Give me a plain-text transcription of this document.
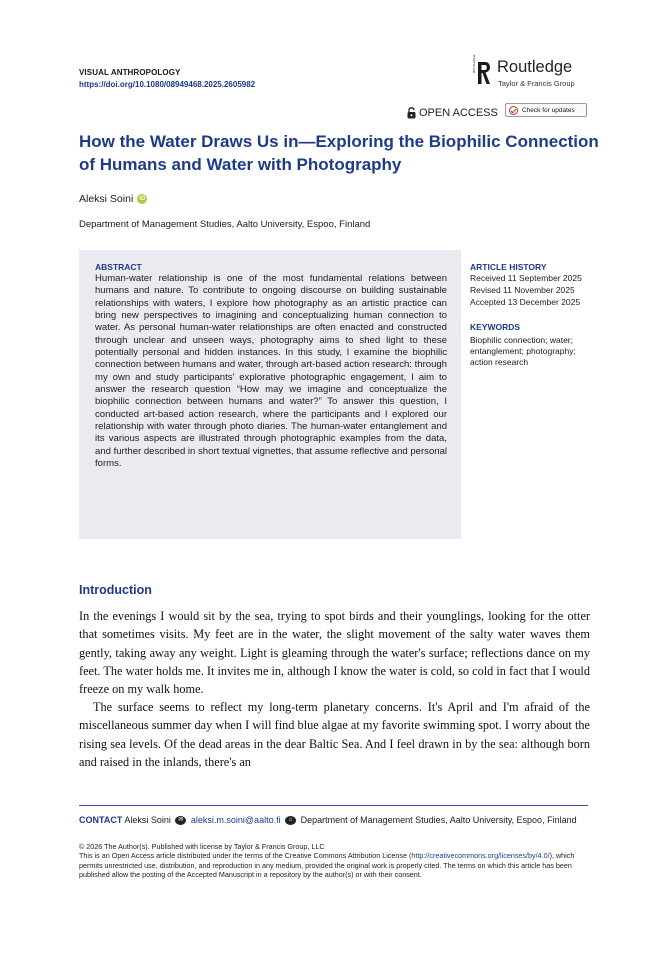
VISUAL ANTHROPOLOGY
https://doi.org/10.1080/08949468.2025.2605982
ROUTLEDGE Routledge
Taylor & Francis Group
OPEN ACCESS	Check for updates
How the Water Draws Us in—Exploring the Biophilic Connection of Humans and Water with Photography
Aleksi Soini	iD
Department of Management Studies, Aalto University, Espoo, Finland
ABSTRACT
Human-water relationship is one of the most fundamental relations between humans and nature. To contribute to ongoing discourse on building sustainable relationships with waters, I explore how photography as an artistic practice can bring new perspectives to imagining and conceptualizing human connection to water. As personal human-water relationships are often enacted and constructed through unclear and unseen ways, photography aims to shed light to these potentially personal and hidden instances. In this study, I examine the biophilic connection between humans and water, through art-based action research: through my own and study participants' explorative photographic engagement, I aim to answer the research question “How may we imagine and conceptualize the biophilic connection between humans and water?” To answer this question, I conducted art-based action research, where the participants and I explored our relationship with water through photo diaries. The human-water entanglement and its various aspects are illustrated through photographic examples from the data, and further described in short textual vignettes, that assume reflective and personal forms.
ARTICLE HISTORY
Received 11 September 2025
Revised 11 November 2025
Accepted 13 December 2025
KEYWORDS
Biophilic connection; water; entanglement; photography; action research
Introduction
In the evenings I would sit by the sea, trying to spot birds and their younglings, looking for the otter that sometimes visits. My feet are in the water, the slight movement of the salty water waves them gently, taking away any weight. Light is gleaming through the water's surface; reflections dance on my feet. The water holds me. It invites me in, although I know the water is cold, so cold in fact that I would freeze on my walk home.
The surface seems to reflect my long-term planetary concerns. It's April and I'm afraid of the miscellaneous summer day when I will find blue algae at my favorite swimming spot. I worry about the rising sea levels. Of the dead areas in the dear Baltic Sea. And I feel drawn in by the sea: although born and raised in the inlands, there's an
CONTACT Aleksi Soini ✉ aleksi.m.soini@aalto.fi ⌂ Department of Management Studies, Aalto University, Espoo, Finland
© 2026 The Author(s). Published with license by Taylor & Francis Group, LLC
This is an Open Access article distributed under the terms of the Creative Commons Attribution License (http://creativecommons.org/licenses/by/4.0/), which permits unrestricted use, distribution, and reproduction in any medium, provided the original work is properly cited. The terms on which this article has been published allow the posting of the Accepted Manuscript in a repository by the author(s) or with their consent.
